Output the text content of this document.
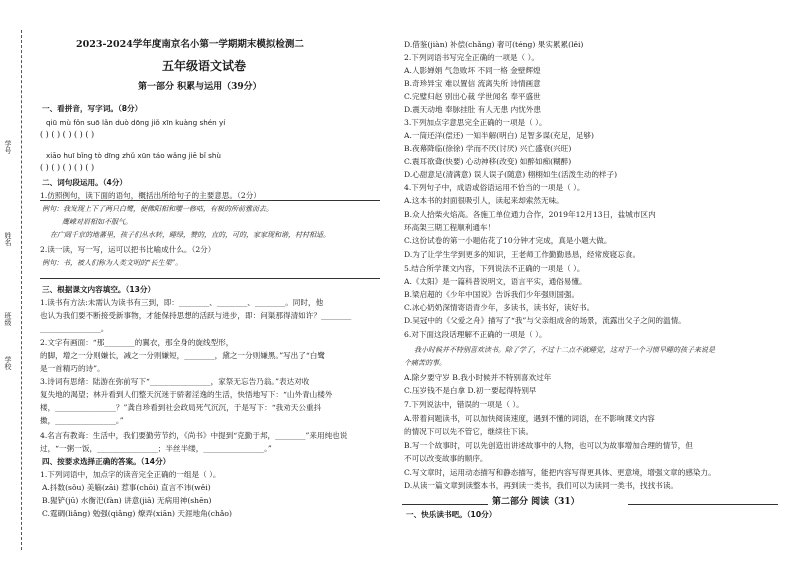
学号
姓名
班级
学校
2023-2024学年度南京名小第一学期期末模拟检测二
五年级语文试卷
第一部分 积累与运用（39分）
一、看拼音，写字词。（8分）
qiū mù fǒn suō lǎn duò dōng jiǒ xīn kuàng shén yí
xiāo huī bǐng tò dīng zhǔ xūn táo wǎng jiē bǐ shù
二、词句段运用。（4分）
1.仿照例句，读下面的语句，概括出所给句子的主要意思。（2分）
例句：我发现上下了两只白鹭，便佛阳相和嘤一修咕，有极的所前雅而去。
鹰嵘对眉相如不服气。
在广阔千京的地蕃里，孩子们丛水转，睡绿，赞的，直的，可的，家家现和谐，村村相适。
2.读一读，写一写，运可以把书比喻成什么。（2分）
例句：书，被人们称为人类文明的“长生果”。
三、根据课文内容填空。（13分）
1.读书有方法:未需认为读书有三到，即：________、________、________。同时，他
也认为我们要不断接受新事物，才能保持思想的活跃与进步，即：问渠那得清如许？________
________________。
2.文字有画面：“那________的翼衣，那全身的旋线型形，
的脚，增之一分则嫌长，减之一分则嫌短，________，黛之一分则嫌黑。”写出了“白鹭
是一首精巧的诗”。
3.诗词有思绪：陆游在弥前写下“________________，家祭无忘告乃翁。”表达对收
复失地的渴望；林升看到人们整天沉迷于骄奢淫逸的生活，快悟地写下：“山外青山楼外
楼，________________？”龚自珍看到社会政局死气沉沉，于是写下：“我劝天公重抖
擞，________________。”
4.名言有教诲：生活中，我们要勤劳节约，《尚书》中提到“克勤于邦，________”来用纯也说
过，“一粥一饭，________________；半丝半缕，________________。”
四、按要求选择正确的答案。（14分）
1.下列词语中，加点字的读音完全正确的一组是（ ）。
A.抖数(sǒu) 美觞(zāi) 惹事(chōi) 直言不讳(wěi)
B.猩铲(jū) 水衡汜(fàn) 讲意(jiā) 无病用神(shēn)
C.霆碉(liǎng) 勉强(qiǎng) 燎弄(xiān) 天涯地角(chǎo)
( ) ( ) ( ) ( ) ( )
( ) ( ) ( ) ( ) ( )
D.借鉴(jiàn) 补偿(chǎng) 奢可(téng) 果实累累(lěi)
2.下列词语书写完全正确的一项是（ ）。
A.人影婵娟 气急败坏 不同一格 金壁辉煌
B.奇珍异宝 难以置信 流离失所 诗情画意
C.完璧归赵 别出心裁 学世闻名 奉平盛世
D.震天动地 奉脉挂肚 有人无患 内忧外患
3.下列加点字意思完全正确的一项是（ ）。
A.一筒还洋(偿还) 一知半解(明白) 足智多谋(充足，足够)
B.夜幕降临(徐徐) 学而不厌(讨厌) 兴亡盛衰(兴旺)
C.震耳欲聋(快要) 心动神移(改变) 如醉如痴(糊醉)
D.心甜意足(清满意) 误人误子(随意) 栩栩如生(活泼生动的样子)
4.下列句子中，成语或俗语运用不恰当的一项是（ ）。
A.这本书的封面很吸引人，读起来却索然无味。
B.众人拾柴火焰高。各施工单位通力合作，2019年12月13日，盐城市区内
环高架三期工程顺利通车！
C.这份试卷的第一小题佑花了10分钟才完成，真是小题大做。
D.为了让学生学到更多的知识，王老师工作勤勤恳恳，经常废寝忘食。
5.结合所学课文内容，下列说法不正确的一项是（ ）。
A.《太阳》是一篇科普说明文，语言平实，通俗易懂。
B.梁启超的《少年中国说》告诉我们少年强则国强。
C.冰心奶奶深情寄语青少年，多读书，读书好，读好书。
D.吴冠中的《父爱之舟》描写了“我”与父亲组成舍的场景，流露出父子之间的温情。
6.对下面这段话理解不正确的一项是（ ）。
我小时候并不特别喜欢读书。除了学了，不过十二点不就睡觉，这对于一个习惯早睡的孩子来说是
个痛苦的事。
A.除夕要守岁 B.我小时候并不特别喜欢过年
C.压岁钱不是白拿 D.初一要起得特别早
7.下列说法中，错误的一项是（ ）。
A.带着问题读书，可以加快阅读速度，遇到不懂的词语，在不影响课文内容
的情况下可以先不管它，继续往下读。
B.写一个故事时，可以先创造出讲述故事中的人物，也可以为故事增加合理的情节，但
不可以改变故事的顺序。
C.写文章时，运用动态描写和静态描写，能把内容写得更具体、更意境，增强文章的感染力。
D.从读一篇文章到读整本书，再到读一类书，我们可以为读同一类书，找找书读。
第二部分 阅读（31）
一、快乐读书吧。（10分）
